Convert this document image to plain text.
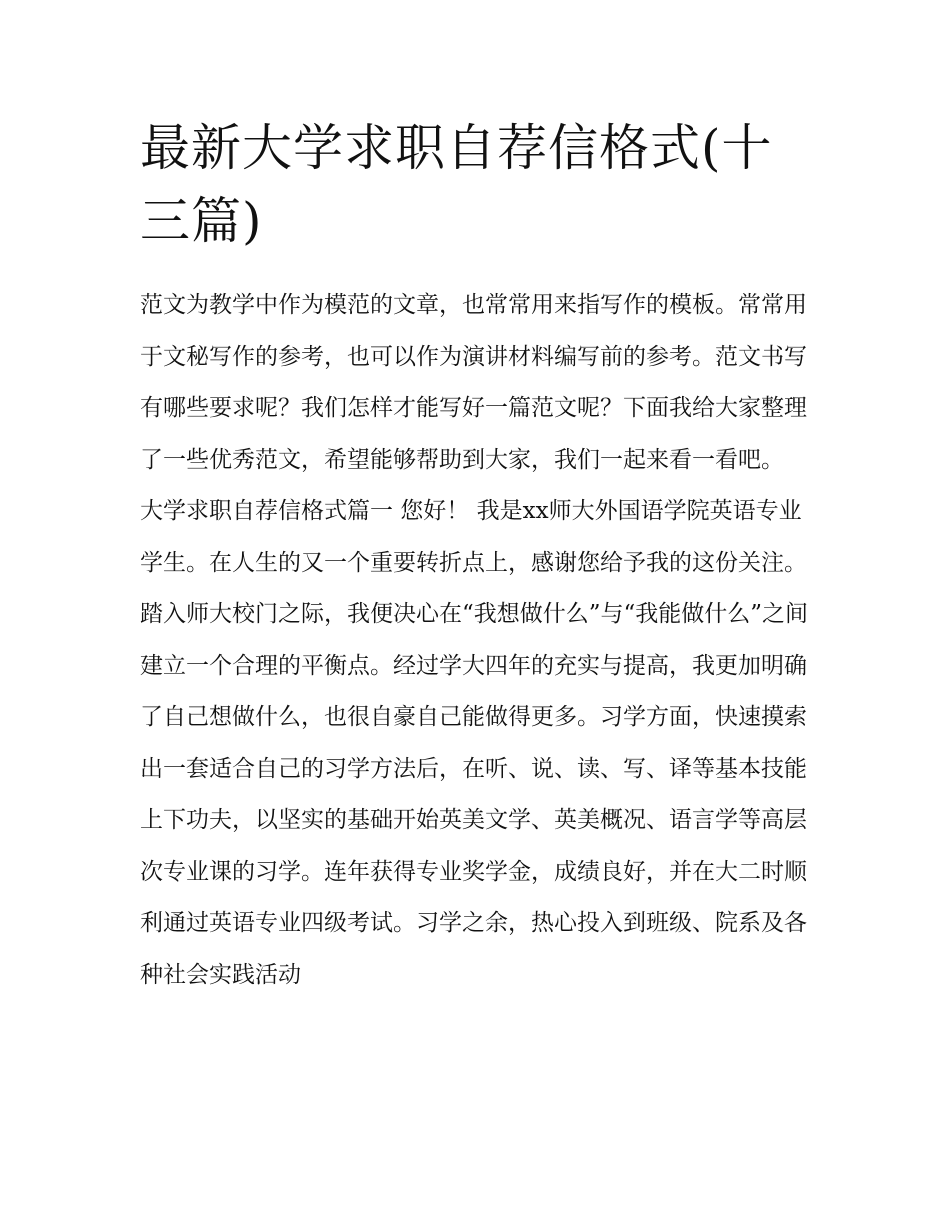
最新大学求职自荐信格式(十三篇)

范文为教学中作为模范的文章，也常常用来指写作的模板。常常用于文秘写作的参考，也可以作为演讲材料编写前的参考。范文书写有哪些要求呢？我们怎样才能写好一篇范文呢？下面我给大家整理了一些优秀范文，希望能够帮助到大家，我们一起来看一看吧。

大学求职自荐信格式篇一 您好！ 我是xx师大外国语学院英语专业学生。在人生的又一个重要转折点上，感谢您给予我的这份关注。

踏入师大校门之际，我便决心在“我想做什么”与“我能做什么”之间建立一个合理的平衡点。经过学大四年的充实与提高，我更加明确了自己想做什么，也很自豪自己能做得更多。习学方面，快速摸索出一套适合自己的习学方法后，在听、说、读、写、译等基本技能上下功夫，以坚实的基础开始英美文学、英美概况、语言学等高层次专业课的习学。连年获得专业奖学金，成绩良好，并在大二时顺利通过英语专业四级考试。习学之余，热心投入到班级、院系及各种社会实践活动
